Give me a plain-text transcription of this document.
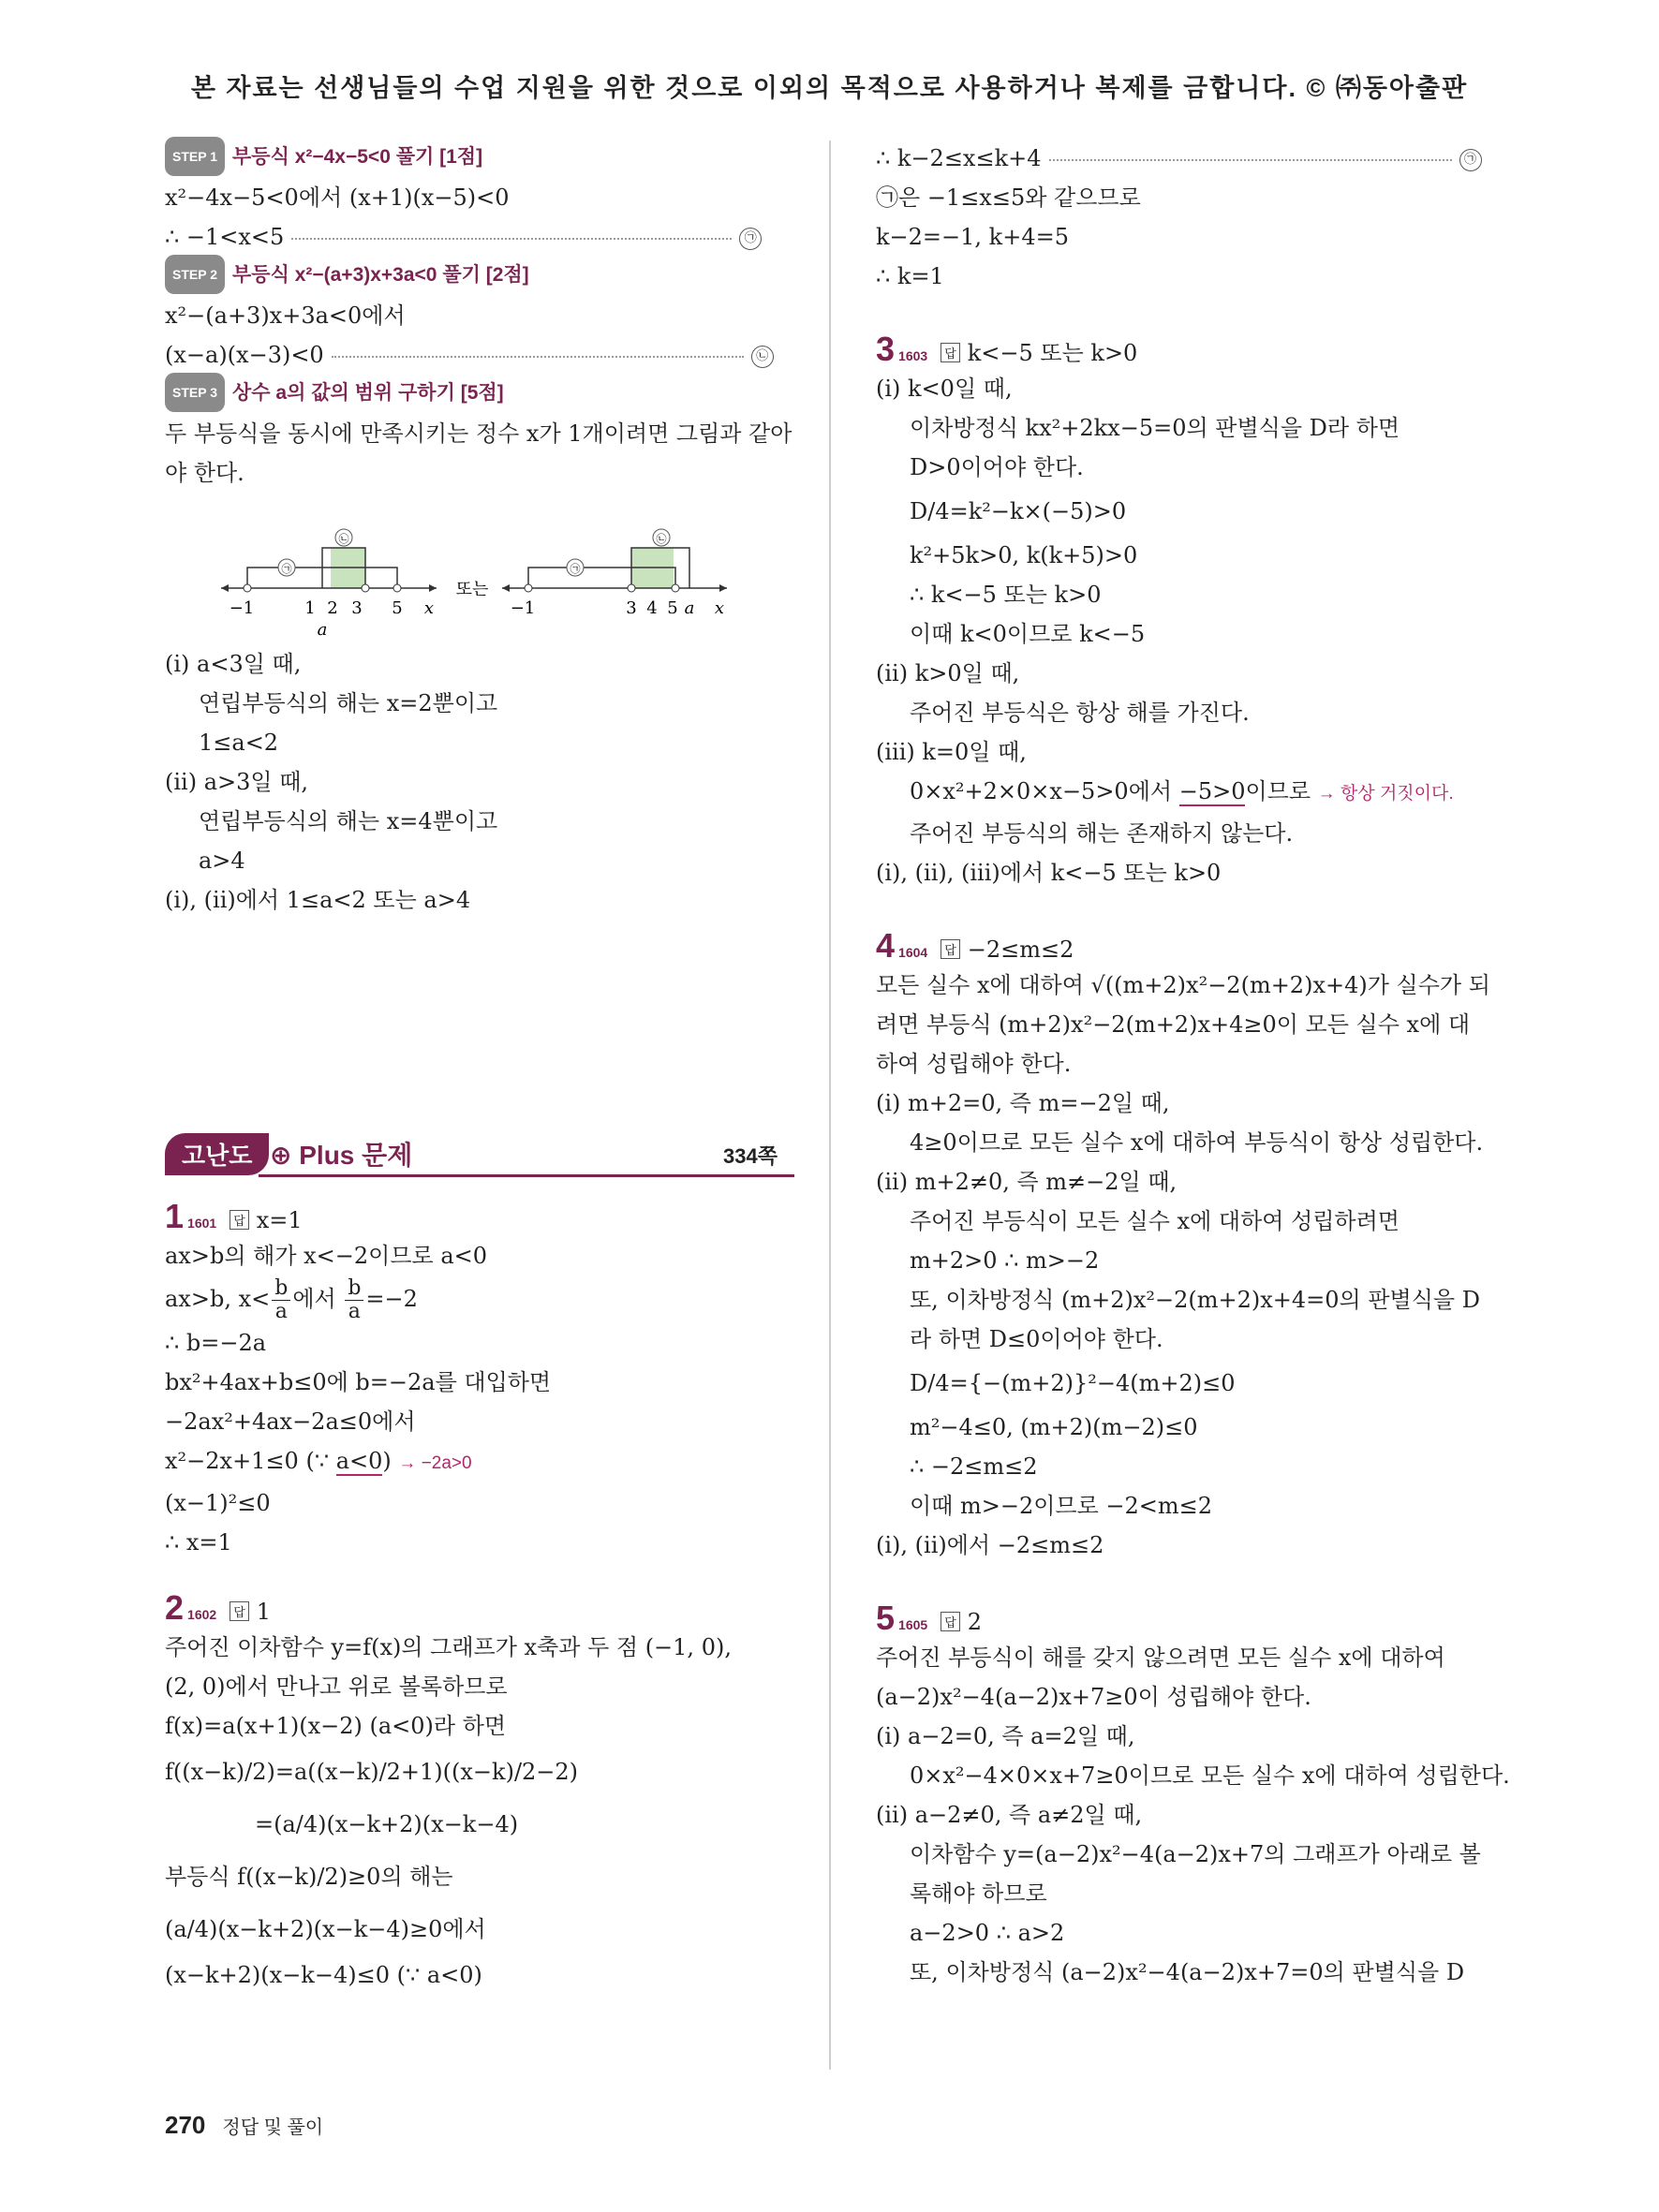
본 자료는 선생님들의 수업 지원을 위한 것으로 이외의 목적으로 사용하거나 복제를 금합니다. © ㈜동아출판
STEP 1 부등식 x²−4x−5<0 풀기 [1점]
x²−4x−5<0에서 (x+1)(x−5)<0
∴ −1<x<5	㉠
STEP 2 부등식 x²−(a+3)x+3a<0 풀기 [2점]
x²−(a+3)x+3a<0에서
(x−a)(x−3)<0	㉡
STEP 3 상수 a의 값의 범위 구하기 [5점]
두 부등식을 동시에 만족시키는 정수 x가 1개이려면 그림과 같아야 한다.
㉠
㉡
−1	1 2 3 5 x
a
또는
㉠
㉡
−1	3 4 5 a x
(i) a<3일 때,
연립부등식의 해는 x=2뿐이고
1≤a<2
(ii) a>3일 때,
연립부등식의 해는 x=4뿐이고
a>4
(i), (ii)에서 1≤a<2 또는 a>4
고난도 ⊕ Plus 문제	334쪽
1 1601 답 x=1
ax>b의 해가 x<−2이므로 a<0
ax>b, $x< \frac{b}{a}$ 에서 $\frac{b}{a} =-2$
∴ b=−2a
bx²+4ax+b≤0에 b=−2a를 대입하면
−2ax²+4ax−2a≤0에서
x²−2x+1≤0 (∵ a<0) → −2a>0
(x−1)²≤0
∴ x=1
2 1602 답 1
주어진 이차함수 y=f(x)의 그래프가 x축과 두 점 (−1, 0),
(2, 0)에서 만나고 위로 볼록하므로
f(x)=a(x+1)(x−2) (a<0)라 하면
f((x−k)/2)=a((x−k)/2+1)((x−k)/2−2)
=(a/4)(x−k+2)(x−k−4)
부등식 f((x−k)/2)≥0의 해는
(a/4)(x−k+2)(x−k−4)≥0에서
(x−k+2)(x−k−4)≤0 (∵ a<0)
∴ k−2≤x≤k+4	㉠
㉠은 −1≤x≤5와 같으므로
k−2=−1, k+4=5
∴ k=1
3 1603 답 k<−5 또는 k>0
(i) k<0일 때,
이차방정식 kx²+2kx−5=0의 판별식을 D라 하면
D>0이어야 한다.
D/4=k²−k×(−5)>0
k²+5k>0, k(k+5)>0
∴ k<−5 또는 k>0
이때 k<0이므로 k<−5
(ii) k>0일 때,
주어진 부등식은 항상 해를 가진다.
(iii) k=0일 때,
0×x²+2×0×x−5>0에서 −5>0이므로 → 항상 거짓이다.
주어진 부등식의 해는 존재하지 않는다.
(i), (ii), (iii)에서 k<−5 또는 k>0
4 1604 답 −2≤m≤2
모든 실수 x에 대하여 √((m+2)x²−2(m+2)x+4)가 실수가 되
려면 부등식 (m+2)x²−2(m+2)x+4≥0이 모든 실수 x에 대
하여 성립해야 한다.
(i) m+2=0, 즉 m=−2일 때,
4≥0이므로 모든 실수 x에 대하여 부등식이 항상 성립한다.
(ii) m+2≠0, 즉 m≠−2일 때,
주어진 부등식이 모든 실수 x에 대하여 성립하려면
m+2>0 ∴ m>−2
또, 이차방정식 (m+2)x²−2(m+2)x+4=0의 판별식을 D
라 하면 D≤0이어야 한다.
D/4={−(m+2)}²−4(m+2)≤0
m²−4≤0, (m+2)(m−2)≤0
∴ −2≤m≤2
이때 m>−2이므로 −2<m≤2
(i), (ii)에서 −2≤m≤2
5 1605 답 2
주어진 부등식이 해를 갖지 않으려면 모든 실수 x에 대하여
(a−2)x²−4(a−2)x+7≥0이 성립해야 한다.
(i) a−2=0, 즉 a=2일 때,
0×x²−4×0×x+7≥0이므로 모든 실수 x에 대하여 성립한다.
(ii) a−2≠0, 즉 a≠2일 때,
이차함수 y=(a−2)x²−4(a−2)x+7의 그래프가 아래로 볼
록해야 하므로
a−2>0 ∴ a>2
또, 이차방정식 (a−2)x²−4(a−2)x+7=0의 판별식을 D
270 정답 및 풀이
